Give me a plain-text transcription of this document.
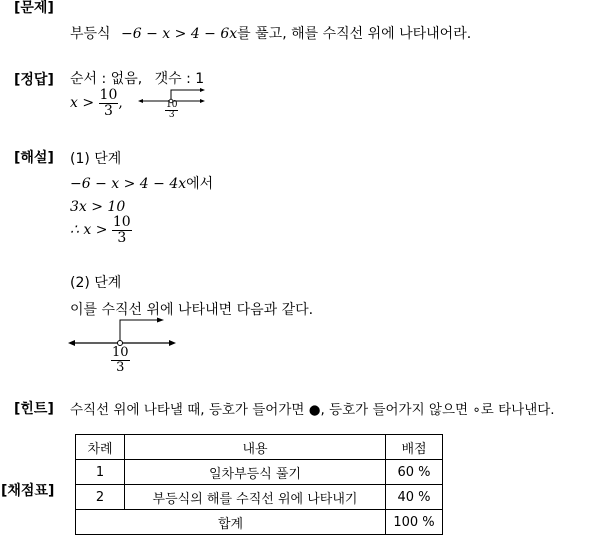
[문제]
부등식 −6 − x > 4 − 6x를 풀고, 해를 수직선 위에 나타내어라.
[정답] 순서 : 없음, 갯수 : 1
$x > \frac{10}{3}$ ,	$\frac{10}{3}$
[해설] (1) 단계
−6 − x > 4 − 4x에서
3x > 10
∴ $x > \frac{10}{3}$
(2) 단계
이를 수직선 위에 나타내면 다음과 같다.
$\frac{10}{3}$
[힌트] 수직선 위에 나타낼 때, 등호가 들어가면 ●, 등호가 들어가지 않으면 ∘로 타나낸다.
[채점표]
차례	내용	배점
1	일차부등식 풀기	60 %
2	부등식의 해를 수직선 위에 나타내기	40 %
합계		100 %
